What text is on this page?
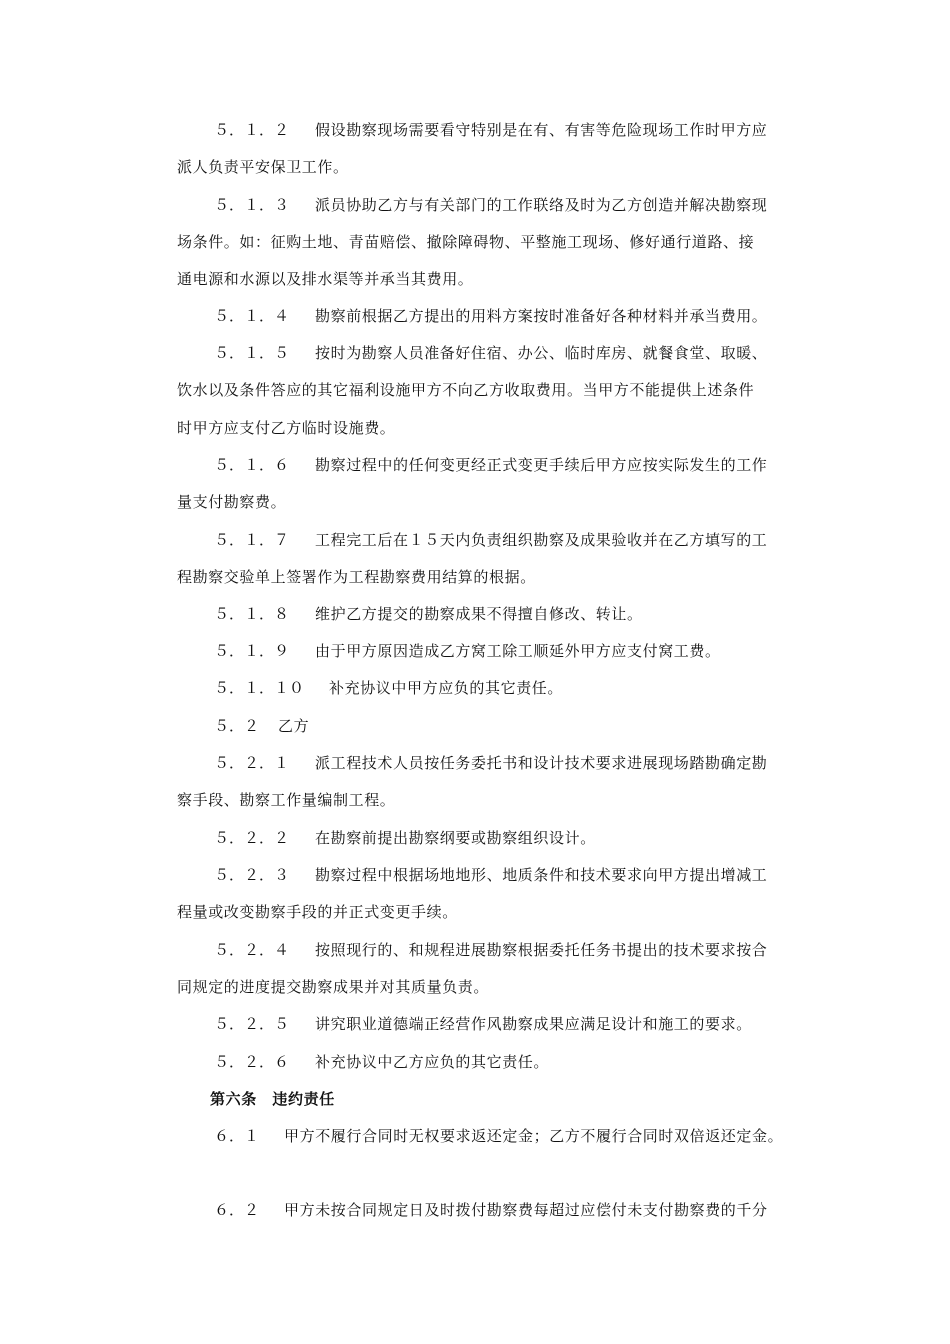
５．１．２ 假设勘察现场需要看守特别是在有、有害等危险现场工作时甲方应
派人负责平安保卫工作。
５．１．３ 派员协助乙方与有关部门的工作联络及时为乙方创造并解决勘察现
场条件。如：征购土地、青苗赔偿、撤除障碍物、平整施工现场、修好通行道路、接
通电源和水源以及排水渠等并承当其费用。
５．１．４ 勘察前根据乙方提出的用料方案按时准备好各种材料并承当费用。
５．１．５ 按时为勘察人员准备好住宿、办公、临时库房、就餐食堂、取暖、
饮水以及条件答应的其它福利设施甲方不向乙方收取费用。当甲方不能提供上述条件
时甲方应支付乙方临时设施费。
５．１．６ 勘察过程中的任何变更经正式变更手续后甲方应按实际发生的工作
量支付勘察费。
５．１．７ 工程完工后在１５天内负责组织勘察及成果验收并在乙方填写的工
程勘察交验单上签署作为工程勘察费用结算的根据。
５．１．８ 维护乙方提交的勘察成果不得擅自修改、转让。
５．１．９ 由于甲方原因造成乙方窝工除工顺延外甲方应支付窝工费。
５．１．１０ 补充协议中甲方应负的其它责任。
５．２ 乙方
５．２．１ 派工程技术人员按任务委托书和设计技术要求进展现场踏勘确定勘
察手段、勘察工作量编制工程。
５．２．２ 在勘察前提出勘察纲要或勘察组织设计。
５．２．３ 勘察过程中根据场地地形、地质条件和技术要求向甲方提出增减工
程量或改变勘察手段的并正式变更手续。
５．２．４ 按照现行的、和规程进展勘察根据委托任务书提出的技术要求按合
同规定的进度提交勘察成果并对其质量负责。
５．２．５ 讲究职业道德端正经营作风勘察成果应满足设计和施工的要求。
５．２．６ 补充协议中乙方应负的其它责任。
第六条　违约责任
６．１ 甲方不履行合同时无权要求返还定金；乙方不履行合同时双倍返还定金。
６．２ 甲方未按合同规定日及时拨付勘察费每超过应偿付未支付勘察费的千分
